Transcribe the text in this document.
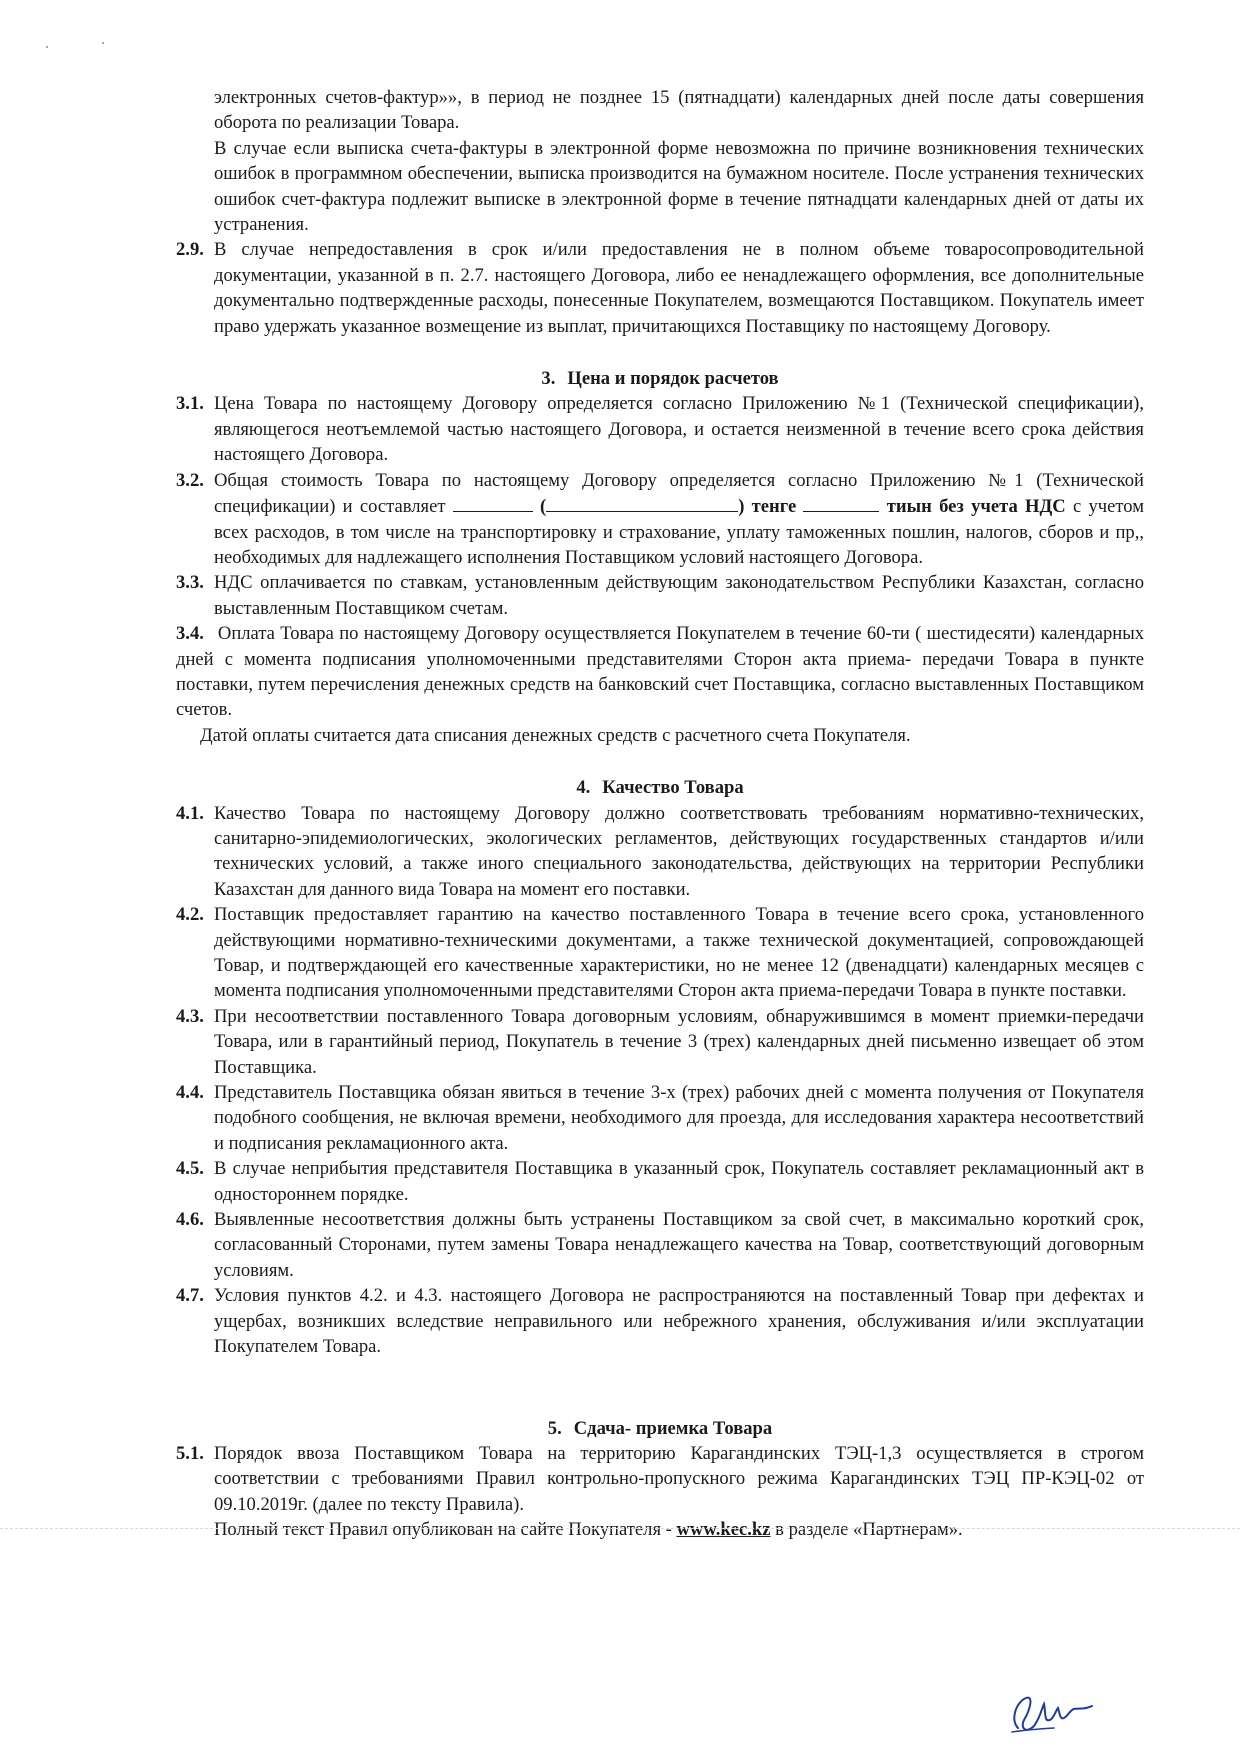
электронных счетов-фактур»», в период не позднее 15 (пятнадцати) календарных дней после даты совершения оборота по реализации Товара.

В случае если выписка счета-фактуры в электронной форме невозможна по причине возникновения технических ошибок в программном обеспечении, выписка производится на бумажном носителе. После устранения технических ошибок счет-фактура подлежит выписке в электронной форме в течение пятнадцати календарных дней от даты их устранения.

2.9. В случае непредоставления в срок и/или предоставления не в полном объеме товаросопроводительной документации, указанной в п. 2.7. настоящего Договора, либо ее ненадлежащего оформления, все дополнительные документально подтвержденные расходы, понесенные Покупателем, возмещаются Поставщиком. Покупатель имеет право удержать указанное возмещение из выплат, причитающихся Поставщику по настоящему Договору.
3. Цена и порядок расчетов
3.1. Цена Товара по настоящему Договору определяется согласно Приложению №1 (Технической спецификации), являющегося неотъемлемой частью настоящего Договора, и остается неизменной в течение всего срока действия настоящего Договора.
3.2. Общая стоимость Товара по настоящему Договору определяется согласно Приложению №1 (Технической спецификации) и составляет	(	) тенге	тиын без учета НДС с учетом всех расходов, в том числе на транспортировку и страхование, уплату таможенных пошлин, налогов, сборов и пр,, необходимых для надлежащего исполнения Поставщиком условий настоящего Договора.
3.3. НДС оплачивается по ставкам, установленным действующим законодательством Республики Казахстан, согласно выставленным Поставщиком счетам.

3.4. Оплата Товара по настоящему Договору осуществляется Покупателем в течение 60-ти ( шестидесяти) календарных дней с момента подписания уполномоченными представителями Сторон акта приема- передачи Товара в пункте поставки, путем перечисления денежных средств на банковский счет Поставщика, согласно выставленных Поставщиком счетов.

Датой оплаты считается дата списания денежных средств с расчетного счета Покупателя.

4. Качество Товара
4.1. Качество Товара по настоящему Договору должно соответствовать требованиям нормативно-технических, санитарно-эпидемиологических, экологических регламентов, действующих государственных стандартов и/или технических условий, а также иного специального законодательства, действующих на территории Республики Казахстан для данного вида Товара на момент его поставки.
4.2. Поставщик предоставляет гарантию на качество поставленного Товара в течение всего срока, установленного действующими нормативно-техническими документами, а также технической документацией, сопровождающей Товар, и подтверждающей его качественные характеристики, но не менее 12 (двенадцати) календарных месяцев с момента подписания уполномоченными представителями Сторон акта приема-передачи Товара в пункте поставки.
4.3. При несоответствии поставленного Товара договорным условиям, обнаружившимся в момент приемки-передачи Товара, или в гарантийный период, Покупатель в течение 3 (трех) календарных дней письменно извещает об этом Поставщика.
4.4. Представитель Поставщика обязан явиться в течение 3-х (трех) рабочих дней с момента получения от Покупателя подобного сообщения, не включая времени, необходимого для проезда, для исследования характера несоответствий и подписания рекламационного акта.
4.5. В случае неприбытия представителя Поставщика в указанный срок, Покупатель составляет рекламационный акт в одностороннем порядке.
4.6. Выявленные несоответствия должны быть устранены Поставщиком за свой счет, в максимально короткий срок, согласованный Сторонами, путем замены Товара ненадлежащего качества на Товар, соответствующий договорным условиям.
4.7. Условия пунктов 4.2. и 4.3. настоящего Договора не распространяются на поставленный Товар при дефектах и ущербах, возникших вследствие неправильного или небрежного хранения, обслуживания и/или эксплуатации Покупателем Товара.
5. Сдача- приемка Товара
5.1. Порядок ввоза Поставщиком Товара на территорию Карагандинских ТЭЦ-1,3 осуществляется в строгом соответствии с требованиями Правил контрольно-пропускного режима Карагандинских ТЭЦ ПР-КЭЦ-02 от 09.10.2019г. (далее по тексту Правила).

Полный текст Правил опубликован на сайте Покупателя - www.kec.kz в разделе «Партнерам».
